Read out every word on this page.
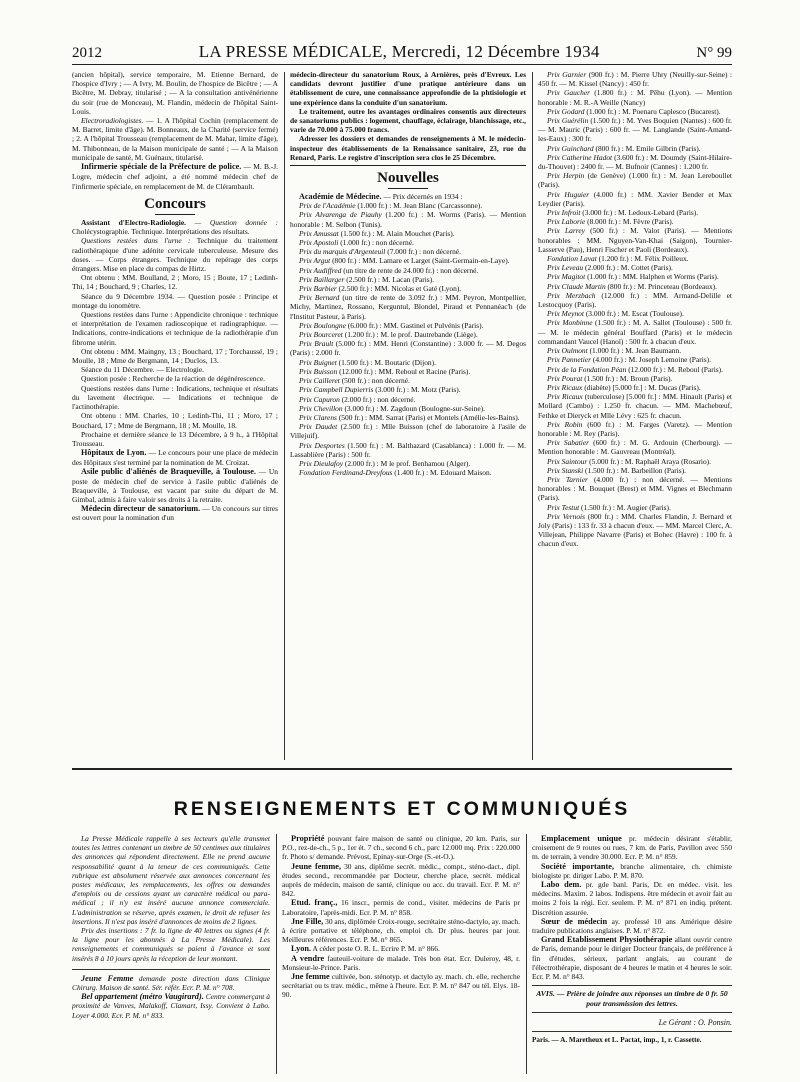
2012	LA PRESSE MÉDICALE, Mercredi, 12 Décembre 1934	N° 99

(ancien hôpital), service temporaire, M. Etienne Bernard, de l'hospice d'Ivry ; — A Ivry, M. Boulin, de l'hospice de Bicêtre ; — A Bicêtre, M. Debray, titularisé ; — A la consultation antivénérienne du soir (rue de Monceau), M. Flandin, médecin de l'hôpital Saint-Louis.

Electroradiologistes. — 1. A l'hôpital Cochin (remplacement de M. Barret, limite d'âge). M. Bonneaux, de la Charité (service fermé) ; 2. A l'hôpital Trousseau (remplacement de M. Mahar, limite d'âge), M. Thibonneau, de la Maison municipale de santé ; — A la Maison municipale de santé, M. Guénaux, titularisé.

Infirmerie spéciale de la Préfecture de police. — M. B.-J. Logre, médecin chef adjoint, a été nommé médecin chef de l'infirmerie spéciale, en remplacement de M. de Clérambault.

Concours

Assistant d'Electro-Radiologie. — Question donnée : Cholécystographie. Technique. Interprétations des résultats.

Questions restées dans l'urne : Technique du traitement radiothérapique d'une adénite cervicale tuberculeuse. Mesure des doses. — Corps étrangers. Technique du repérage des corps étrangers. Mise en place du compas de Hirtz.

Ont obtenu : MM. Boulland, 2 ; Moro, 15 ; Boute, 17 ; Ledinh-Thi, 14 ; Bouchard, 9 ; Charles, 12.

Séance du 9 Décembre 1934. — Question posée : Principe et montage du ionomètre.

Questions restées dans l'urne : Appendicite chronique : technique et interprétation de l'examen radioscopique et radiographique. — Indications, contre-indications et technique de la radiothérapie d'un fibrome utérin.

Ont obtenu : MM. Maingny, 13 ; Bouchard, 17 ; Torchaussé, 19 ; Moulle, 18 ; Mme de Bergmann, 14 ; Duclos, 13.

Séance du 11 Décembre. — Electrologie.

Question posée : Recherche de la réaction de dégénérescence.

Questions restées dans l'urne : Indications, technique et résultats du lavement électrique. — Indications et technique de l'actinothérapie.

Ont obtenu : MM. Charles, 10 ; Ledinh-Thi, 11 ; Moro, 17 ; Bouchard, 17 ; Mme de Bergmann, 18 ; M. Moulle, 18.

Prochaine et dernière séance le 13 Décembre, à 9 h., à l'Hôpital Trousseau.

Hôpitaux de Lyon. — Le concours pour une place de médecin des Hôpitaux s'est terminé par la nomination de M. Croizat.

Asile public d'aliénés de Braqueville, à Toulouse. — Un poste de médecin chef de service à l'asile public d'aliénés de Braqueville, à Toulouse, est vacant par suite du départ de M. Gimbal, admis à faire valoir ses droits à la retraite.

Médecin directeur de sanatorium. — Un concours sur titres est ouvert pour la nomination d'un

médecin-directeur du sanatorium Roux, à Arnières, près d'Evreux. Les candidats devront justifier d'une pratique antérieure dans un établissement de cure, une connaissance approfondie de la phtisiologie et une expérience dans la conduite d'un sanatorium.

Le traitement, outre les avantages ordinaires consentis aux directeurs de sanatoriums publics : logement, chauffage, éclairage, blanchissage, etc., varie de 70.000 à 75.000 francs.

Adresser les dossiers et demandes de renseignements à M. le médecin-inspecteur des établissements de la Renaissance sanitaire, 23, rue du Renard, Paris. Le registre d'inscription sera clos le 25 Décembre.

Nouvelles

Académie de Médecine. — Prix décernés en 1934 :

Prix de l'Académie (1.000 fr.) : M. Jean Blanc (Carcassonne).

Prix Alvarenga de Piauhy (1.200 fr.) : M. Worms (Paris). — Mention honorable : M. Selbon (Tunis).

Prix Amussat (1.500 fr.) : M. Alain Mouchet (Paris).

Prix Apostoli (1.000 fr.) : non décerné.

Prix du marquis d'Argenteuil (7.000 fr.) : non décerné.

Prix Argut (800 fr.) : MM. Lamare et Larget (Saint-Germain-en-Laye).

Prix Audiffred (un titre de rente de 24.000 fr.) : non décerné.

Prix Baillarger (2.500 fr.) : M. Lacan (Paris).

Prix Barbier (2.500 fr.) : MM. Nicolas et Gaté (Lyon).

Prix Bernard (un titre de rente de 3.092 fr.) : MM. Peyron, Montpellier, Michy, Martinez, Rossano, Kerguntul, Blondel, Piraud et Pennanéac'h (de l'Institut Pasteur, à Paris).

Prix Boulongne (6.000 fr.) : MM. Gastinel et Pulvénis (Paris).

Prix Bourceret (1.200 fr.) : M. le prof. Dautrebande (Liège).

Prix Brault (5.000 fr.) : MM. Henri (Constantine) : 3.000 fr. — M. Degos (Paris) : 2.000 fr.

Prix Buignet (1.500 fr.) : M. Boutaric (Dijon).

Prix Buisson (12.000 fr.) : MM. Reboul et Racine (Paris).

Prix Cailleret (500 fr.) : non décerné.

Prix Campbell Dupierris (3.000 fr.) : M. Motz (Paris).

Prix Capuron (2.000 fr.) : non décerné.

Prix Chevillon (3.000 fr.) : M. Zagdoun (Boulogne-sur-Seine).

Prix Clarens (500 fr.) : MM. Sarrat (Paris) et Montels (Amélie-les-Bains).

Prix Daudet (2.500 fr.) : Mlle Buisson (chef de laboratoire à l'asile de Villejuif).

Prix Desportes (1.500 fr.) : M. Balthazard (Casablanca) : 1.000 fr. — M. Lassablière (Paris) : 500 fr.

Prix Dieulafoy (2.000 fr.) : M le prof. Benhamou (Alger).

Fondation Ferdinand-Dreyfous (1.400 fr.) : M. Edouard Maison.

Prix Garnier (900 fr.) : M. Pierre Uhry (Neuilly-sur-Seine) : 450 fr. — M. Kissel (Nancy) : 450 fr.

Prix Gaucher (1.800 fr.) : M. Pêhu (Lyon). — Mention honorable : M. R.-A Weille (Nancy)

Prix Godard (1.000 fr.) : M. Poenaru Caplesco (Bucarest).

Prix Guérélin (1.500 fr.) : M. Yves Boquien (Nantes) : 600 fr. — M. Mauric (Paris) : 600 fr. — M. Langlande (Saint-Amand-les-Eaux) : 300 fr.

Prix Guinchard (800 fr.) : M. Emile Gilbrin (Paris).

Prix Catherine Hadot (3.600 fr.) : M. Doumdy (Saint-Hilaire-du-Thouvet) : 2400 fr. — M. Bufnoir (Cannes) : 1.200 fr.

Prix Herpin (de Genève) (1.000 fr.) : M. Jean Lereboullet (Paris).

Prix Huguier (4.000 fr.) : MM. Xavier Bender et Max Leydier (Paris).

Prix Infroit (3.000 fr.) : M. Ledoux-Lebard (Paris).

Prix Laborie (8.000 fr.) : M. Fèvre (Paris).

Prix Larrey (500 fr.) : M. Valot (Paris). — Mentions honorables : MM. Nguyen-Van-Khai (Saigon), Tournier-Lasserve (Pau), Henri Fischer et Paoli (Bordeaux).

Fondation Lavat (1.200 fr.) : M. Félix Poilleux.

Prix Leveau (2.000 fr.) : M. Cottet (Paris).

Prix Magitot (1.000 fr.) : MM. Halphen et Worms (Paris).

Prix Claude Martin (800 fr.) : M. Princeteau (Bordeaux).

Prix Merzbach (12.000 fr.) : MM. Armand-Delille et Lestocquoy (Paris).

Prix Meynot (3.000 fr.) : M. Escat (Toulouse).

Prix Monbinne (1.500 fr.) : M. A. Sallet (Toulouse) : 500 fr. — M. le médecin général Bouffard (Paris) et le médecin commandant Vaucel (Hanoï) : 500 fr. à chacun d'eux.

Prix Oulmont (1.000 fr.) : M. Jean Baumann.

Prix Pannetier (4.000 fr.) : M. Joseph Lemoine (Paris).

Prix de la Fondation Péan (12.000 fr.) : M. Reboul (Paris).

Prix Pourat (1.500 fr.) : M. Broun (Paris).

Prix Ricaux (diabète) [5.000 fr.] : M. Ducas (Paris).

Prix Ricaux (tuberculose) [5.000 fr.] : MM. Hinault (Paris) et Mollard (Cambo) : 1.250 fr. chacun. — MM. Machebœuf, Fethke et Dieryck et Mlle Lévy : 625 fr. chacun.

Prix Robin (600 fr.) : M. Farges (Varetz). — Mention honorable : M. Rey (Paris).

Prix Sabatier (600 fr.) : M. G. Ardouin (Cherbourg). — Mention honorable : M. Gauvreau (Montréal).

Prix Saintour (5.000 fr.) : M. Raphaël Araya (Rosario).

Prix Stanski (1.500 fr.) : M. Barbeillon (Paris).

Prix Tarnier (4.000 fr.) : non décerné. — Mentions honorables : M. Bouquet (Brest) et MM. Vignes et Blechmann (Paris).

Prix Testut (1.500 fr.) : M. Augier (Paris).

Prix Vernois (800 fr.) : MM. Charles Flandin, J. Bernard et Joly (Paris) : 133 fr. 33 à chacun d'eux. — MM. Marcel Clerc, A. Villejean, Philippe Navarre (Paris) et Bohec (Havre) : 100 fr. à chacun d'eux.

RENSEIGNEMENTS ET COMMUNIQUÉS

La Presse Médicale rappelle à ses lecteurs qu'elle transmet toutes les lettres contenant un timbre de 50 centimes aux titulaires des annonces qui répondent directement. Elle ne prend aucune responsabilité quant à la teneur de ces communiqués. Cette rubrique est absolument réservée aux annonces concernant les postes médicaux, les remplacements, les offres ou demandes d'emplois ou de cessions ayant un caractère médical ou para-médical ; il n'y est inséré aucune annonce commerciale. L'administration se réserve, après examen, le droit de refuser les insertions. Il n'est pas inséré d'annonces de moins de 2 lignes.

Prix des insertions : 7 fr. la ligne de 40 lettres ou signes (4 fr. la ligne pour les abonnés à La Presse Médicale). Les renseignements et communiqués se paient à l'avance et sont insérés 8 à 10 jours après la réception de leur montant.

Jeune Femme demande poste direction dans Clinique Chirurg. Maison de santé. Sér. référ. Ecr. P. M. n° 708.

Bel appartement (métro Vaugirard). Centre commerçant à proximité de Vanves, Malakoff, Clamart, Issy. Convient à Labo. Loyer 4.000. Ecr. P. M. n° 833.

Propriété pouvant faire maison de santé ou clinique, 20 km. Paris, sur P.O., rez-de-ch., 5 p., 1er ét. 7 ch., second 6 ch., parc 12.000 mq. Prix : 220.000 fr. Photo s/ demande. Prévost, Epinay-sur-Orge (S.-et-O.).

Jeune femme, 30 ans, diplôme secrét. médic., compt., sténo-dact., dipl. études second., recommandée par Docteur, cherche place, secrét. médical auprès de médecin, maison de santé, clinique ou acc. du travail. Ecr. P. M. n° 842.

Etud. franç., 16 inscr., permis de cond., visiter. médecins de Paris pr Laboratoire, l'après-midi. Ecr. P. M. n° 858.

Jne Fille, 30 ans, diplômée Croix-rouge, secrétaire sténo-dactylo, ay. mach. à écrire portative et téléphone, ch. emploi ch. Dr plus. heures par jour. Meilleures références. Ecr. P. M. n° 865.

Lyon. A céder poste O. R. L. Ecrire P. M. n° 866.

A vendre fauteuil-voiture de malade. Très bon état. Ecr. Duleroy, 48, r. Monsieur-le-Prince. Paris.

Jne femme cultivée, bon. sténotyp. et dactylo ay. mach. ch. elle, recherche secrétariat ou ts trav. médic., même à l'heure. Ecr. P. M. n° 847 ou tél. Elys. 18-90.

Emplacement unique pr. médecin désirant s'établir, croisement de 9 routes ou rues, 7 km. de Paris, Pavillon avec 550 m. de terrain, à vendre 30.000. Ecr. P. M. n° 859.

Société importante, branche alimentaire, ch. chimiste biologiste pr. diriger Labo. P. M. 870.

Labo dem. pr. gde banl. Paris, Dr. en médec. visit. les médecins. Maxim. 2 labos. Indispens. être médecin et avoir fait au moins 2 fois la régi. Ecr. seulem. P. M. n° 871 en indiq. prétent. Discrétion assurée.

Sœur de médecin ay. professé 10 ans Amérique désire traduire publications anglaises. P. M. n° 872.

Grand Etablissement Physiothérapie allant ouvrir centre de Paris, demande pour le diriger Docteur français, de préférence à fin d'études, sérieux, parlant anglais, au courant de l'électrothérapie, disposant de 4 heures le matin et 4 heures le soir. Ecr. P. M. n° 843.

AVIS. — Prière de joindre aux réponses un timbre de 0 fr. 50 pour transmission des lettres.
Le Gérant : O. Ponsin.
Paris. — A. Maretheux et L. Pactat, imp., 1, r. Cassette.
